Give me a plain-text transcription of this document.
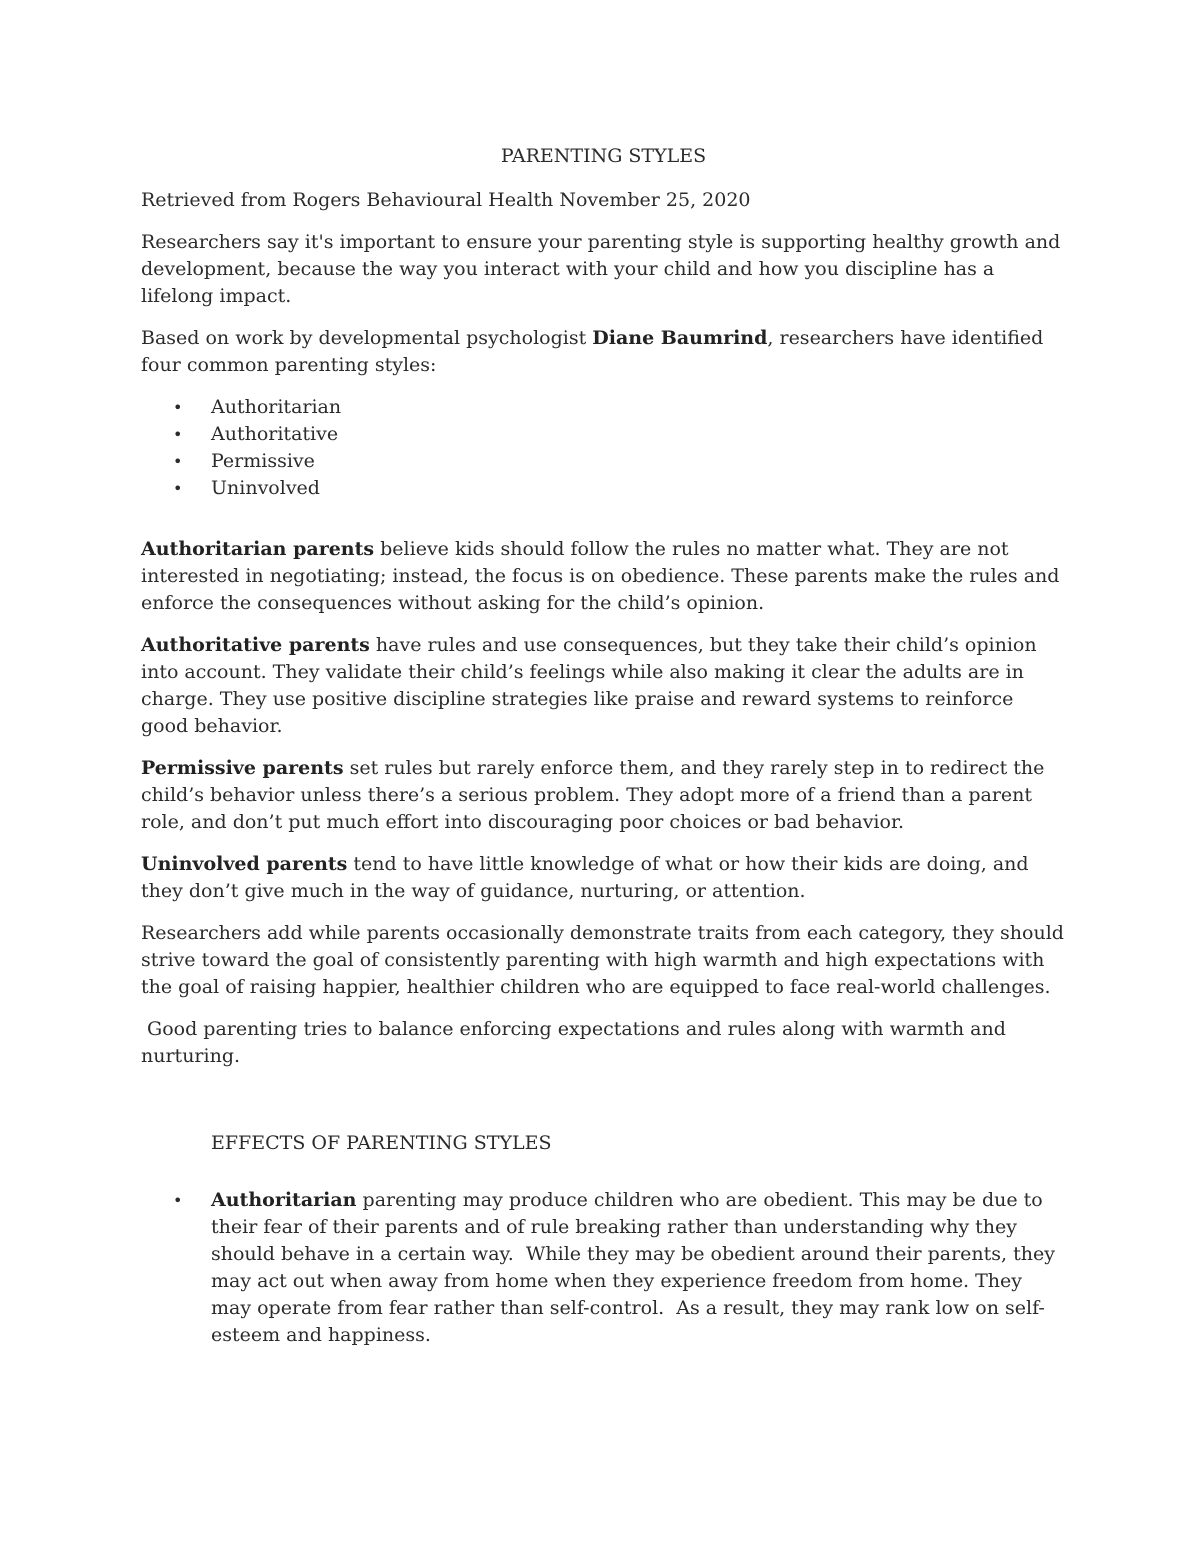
PARENTING STYLES

Retrieved from Rogers Behavioural Health November 25, 2020

Researchers say it's important to ensure your parenting style is supporting healthy growth and development, because the way you interact with your child and how you discipline has a lifelong impact.

Based on work by developmental psychologist Diane Baumrind, researchers have identified four common parenting styles:

• Authoritarian
• Authoritative
• Permissive
• Uninvolved

Authoritarian parents believe kids should follow the rules no matter what. They are not interested in negotiating; instead, the focus is on obedience. These parents make the rules and enforce the consequences without asking for the child’s opinion.

Authoritative parents have rules and use consequences, but they take their child’s opinion into account. They validate their child’s feelings while also making it clear the adults are in charge. They use positive discipline strategies like praise and reward systems to reinforce good behavior.

Permissive parents set rules but rarely enforce them, and they rarely step in to redirect the child’s behavior unless there’s a serious problem. They adopt more of a friend than a parent role, and don’t put much effort into discouraging poor choices or bad behavior.

Uninvolved parents tend to have little knowledge of what or how their kids are doing, and they don’t give much in the way of guidance, nurturing, or attention.

Researchers add while parents occasionally demonstrate traits from each category, they should strive toward the goal of consistently parenting with high warmth and high expectations with the goal of raising happier, healthier children who are equipped to face real-world challenges.

Good parenting tries to balance enforcing expectations and rules along with warmth and nurturing.

EFFECTS OF PARENTING STYLES
• Authoritarian parenting may produce children who are obedient. This may be due to their fear of their parents and of rule breaking rather than understanding why they should behave in a certain way.  While they may be obedient around their parents, they may act out when away from home when they experience freedom from home. They may operate from fear rather than self-control.  As a result, they may rank low on self-esteem and happiness.
